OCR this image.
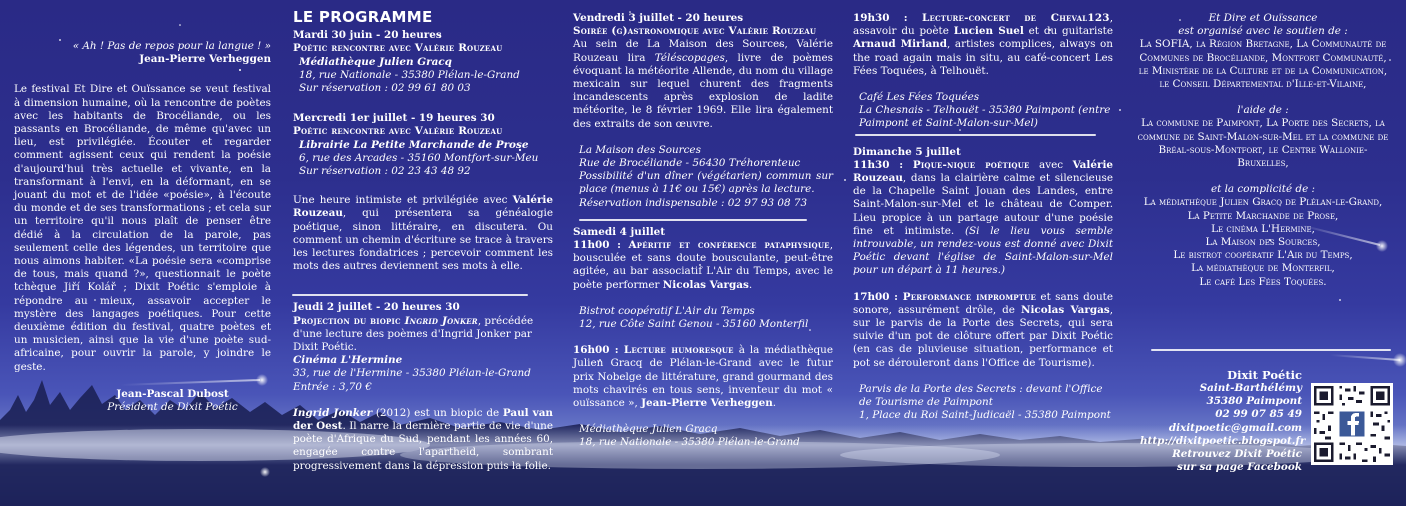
« Ah ! Pas de repos pour la langue ! »

Jean-Pierre Verheggen

Le festival Et Dire et Ouïssance se veut festival à dimension humaine, où la rencontre de poètes avec les habitants de Brocéliande, ou les passants en Brocéliande, de même qu'avec un lieu, est privilégiée. Écouter et regarder comment agissent ceux qui rendent la poésie d'aujourd'hui très actuelle et vivante, en la transformant à l'envi, en la déformant, en se jouant du mot et de l'idée «poésie», à l'écoute du monde et de ses transformations ; et cela sur un territoire qu'il nous plaît de penser être dédié à la circulation de la parole, pas seulement celle des légendes, un territoire que nous aimons habiter. «La poésie sera «comprise de tous, mais quand ?», questionnait le poète tchèque Jiří Kolář ; Dixit Poétic s'emploie à répondre au mieux, assavoir accepter le mystère des langages poétiques. Pour cette deuxième édition du festival, quatre poètes et un musicien, ainsi que la vie d'une poète sud-africaine, pour ouvrir la parole, y joindre le geste.

Jean-Pascal Dubost

Président de Dixit Poétic

LE PROGRAMME

Mardi 30 juin - 20 heures

Poétic rencontre avec Valérie Rouzeau

Médiathèque Julien Gracq

18, rue Nationale - 35380 Plélan-le-Grand

Sur réservation : 02 99 61 80 03

Mercredi 1er juillet - 19 heures 30

Poétic rencontre avec Valérie Rouzeau

Librairie La Petite Marchande de Prose

6, rue des Arcades - 35160 Montfort-sur-Meu

Sur réservation : 02 23 43 48 92

Une heure intimiste et privilégiée avec Valérie Rouzeau, qui présentera sa généalogie poétique, sinon littéraire, en discutera. Ou comment un chemin d'écriture se trace à travers les lectures fondatrices ; percevoir comment les mots des autres deviennent ses mots à elle.

Jeudi 2 juillet - 20 heures 30

Projection du biopic Ingrid Jonker, précédée d'une lecture des poèmes d'Ingrid Jonker par Dixit Poétic.

Cinéma L'Hermine

33, rue de l'Hermine - 35380 Plélan-le-Grand

Entrée : 3,70 €

Ingrid Jonker (2012) est un biopic de Paul van der Oest. Il narre la dernière partie de vie d'une poète d'Afrique du Sud, pendant les années 60, engagée contre l'apartheid, sombrant progressivement dans la dépression puis la folie.

Vendredi 3 juillet - 20 heures

Soirée (g)astronomique avec Valérie Rouzeau

Au sein de La Maison des Sources, Valérie Rouzeau lira Téléscopages, livre de poèmes évoquant la météorite Allende, du nom du village mexicain sur lequel churent des fragments incandescents après explosion de ladite météorite, le 8 février 1969. Elle lira également des extraits de son œuvre.

La Maison des Sources

Rue de Brocéliande - 56430 Tréhorenteuc

Possibilité d'un dîner (végétarien) commun sur place (menus à 11€ ou 15€) après la lecture.

Réservation indispensable : 02 97 93 08 73

Samedi 4 juillet

11h00 : Apéritif et conférence pataphysique, bousculée et sans doute bousculante, peut-être agitée, au bar associatif L'Air du Temps, avec le poète performer Nicolas Vargas.

Bistrot coopératif L'Air du Temps

12, rue Côte Saint Genou - 35160 Monterfil

16h00 : Lecture humoresque à la médiathèque Julien Gracq de Plélan-le-Grand avec le futur prix Nobelge de littérature, grand gourmand des mots chavirés en tous sens, inventeur du mot « ouïssance », Jean-Pierre Verheggen.

Médiathèque Julien Gracq

18, rue Nationale - 35380 Plélan-le-Grand

19h30 : Lecture-concert de Cheval123, assavoir du poète Lucien Suel et du guitariste Arnaud Mirland, artistes complices, always on the road again mais in situ, au café-concert Les Fées Toquées, à Telhouët.

Café Les Fées Toquées

La Chesnais - Telhouët - 35380 Paimpont (entre Paimpont et Saint-Malon-sur-Mel)

Dimanche 5 juillet

11h30 : Pique-nique poétique avec Valérie Rouzeau, dans la clairière calme et silencieuse de la Chapelle Saint Jouan des Landes, entre Saint-Malon-sur-Mel et le château de Comper. Lieu propice à un partage autour d'une poésie fine et intimiste. (Si le lieu vous semble introuvable, un rendez-vous est donné avec Dixit Poétic devant l'église de Saint-Malon-sur-Mel pour un départ à 11 heures.)

17h00 : Performance impromptue et sans doute sonore, assurément drôle, de Nicolas Vargas, sur le parvis de la Porte des Secrets, qui sera suivie d'un pot de clôture offert par Dixit Poétic (en cas de pluvieuse situation, performance et pot se dérouleront dans l'Office de Tourisme).

Parvis de la Porte des Secrets : devant l'Office de Tourisme de Paimpont

1, Place du Roi Saint-Judicaël - 35380 Paimpont

Et Dire et Ouïssance

est organisé avec le soutien de :

La SOFIA, la Région Bretagne, La Communauté de Communes de Brocéliande, Montfort Communauté, le Ministère de la Culture et de la Communication, le Conseil Départemental d'Ille-et-Vilaine,

l'aide de :

La commune de Paimpont, La Porte des Secrets, la commune de Saint-Malon-sur-Mel et la commune de Bréal-sous-Montfort, le Centre Wallonie-Bruxelles,

et la complicité de :

La médiathèque Julien Gracq de Plélan-le-Grand,

La Petite Marchande de Prose,

Le cinéma L'Hermine,

La Maison des Sources,

Le bistrot coopératif L'Air du Temps,

La médiathèque de Monterfil,

Le café Les Fées Toquées.

Dixit Poétic

Saint-Barthélémy

35380 Paimpont

02 99 07 85 49

dixitpoetic@gmail.com

http://dixitpoetic.blogspot.fr

Retrouvez Dixit Poétic

sur sa page Facebook
